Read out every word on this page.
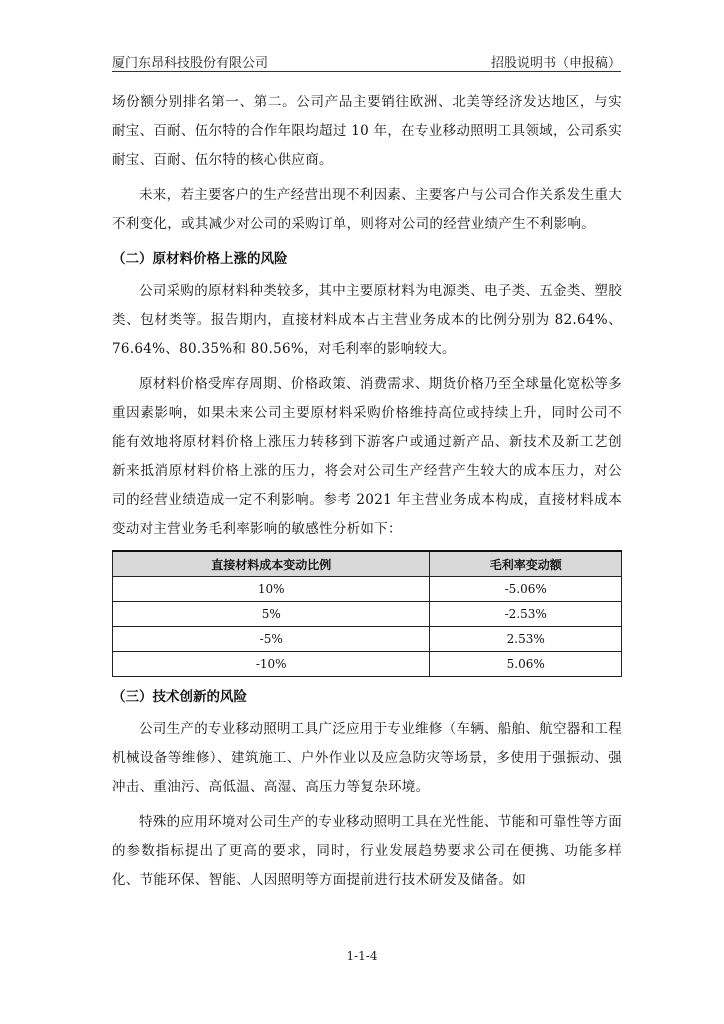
厦门东昂科技股份有限公司	招股说明书（申报稿）

场份额分别排名第一、第二。公司产品主要销往欧洲、北美等经济发达地区，与实耐宝、百耐、伍尔特的合作年限均超过 10 年，在专业移动照明工具领域，公司系实耐宝、百耐、伍尔特的核心供应商。

未来，若主要客户的生产经营出现不利因素、主要客户与公司合作关系发生重大不利变化，或其减少对公司的采购订单，则将对公司的经营业绩产生不利影响。

（二）原材料价格上涨的风险

公司采购的原材料种类较多，其中主要原材料为电源类、电子类、五金类、塑胶类、包材类等。报告期内，直接材料成本占主营业务成本的比例分别为 82.64%、76.64%、80.35%和 80.56%，对毛利率的影响较大。

原材料价格受库存周期、价格政策、消费需求、期货价格乃至全球量化宽松等多重因素影响，如果未来公司主要原材料采购价格维持高位或持续上升，同时公司不能有效地将原材料价格上涨压力转移到下游客户或通过新产品、新技术及新工艺创新来抵消原材料价格上涨的压力，将会对公司生产经营产生较大的成本压力，对公司的经营业绩造成一定不利影响。参考 2021 年主营业务成本构成，直接材料成本变动对主营业务毛利率影响的敏感性分析如下：

直接材料成本变动比例	毛利率变动额
10%	-5.06%
5%	-2.53%
-5%	2.53%
-10%	5.06%
（三）技术创新的风险

公司生产的专业移动照明工具广泛应用于专业维修（车辆、船舶、航空器和工程机械设备等维修）、建筑施工、户外作业以及应急防灾等场景，多使用于强振动、强冲击、重油污、高低温、高湿、高压力等复杂环境。

特殊的应用环境对公司生产的专业移动照明工具在光性能、节能和可靠性等方面的参数指标提出了更高的要求，同时，行业发展趋势要求公司在便携、功能多样化、节能环保、智能、人因照明等方面提前进行技术研发及储备。如

1-1-4
